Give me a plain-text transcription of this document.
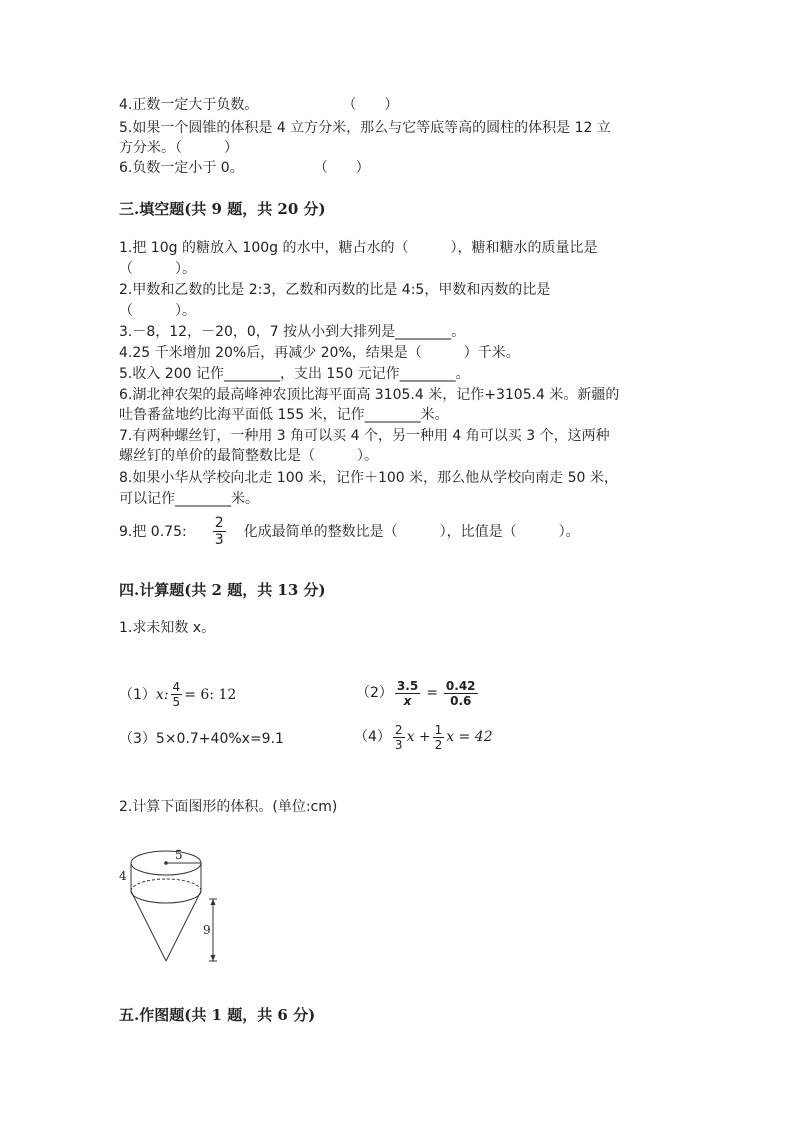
4.正数一定大于负数。　　　　　　　（　　）
5.如果一个圆锥的体积是 4 立方分米，那么与它等底等高的圆柱的体积是 12 立
方分米。（　　　）
6.负数一定小于 0。　　　　　　（　　）
三.填空题(共 9 题，共 20 分)
1.把 10g 的糖放入 100g 的水中，糖占水的（　　　），糖和糖水的质量比是
（　　　）。
2.甲数和乙数的比是 2:3，乙数和丙数的比是 4:5，甲数和丙数的比是
（　　　）。
3.－8，12，－20，0，7 按从小到大排列是________。
4.25 千米增加 20%后，再减少 20%，结果是（　　　）千米。
5.收入 200 记作________，支出 150 元记作________。
6.湖北神农架的最高峰神农顶比海平面高 3105.4 米，记作+3105.4 米。新疆的
吐鲁番盆地约比海平面低 155 米，记作________米。
7.有两种螺丝钉，一种用 3 角可以买 4 个，另一种用 4 角可以买 3 个，这两种
螺丝钉的单价的最简整数比是（　　　）。
8.如果小华从学校向北走 100 米，记作＋100 米，那么他从学校向南走 50 米，
可以记作________米。
9.把 0.75: $\frac{2}{3}$ 化成最简单的整数比是（　　　），比值是（　　　）。
四.计算题(共 2 题，共 13 分)
1.求未知数 x。
（1） x: $\frac{4}{5} = 6$: 12	$(2) \frac{3.5}{x} = \frac{0.42}{0.6}$
（3）5×0.7+40%x=9.1	$(4) \frac{2}{3}$ $x + \frac{1}{2}$ x = 42
2.计算下面图形的体积。(单位:cm)
5
4
9
五.作图题(共 1 题，共 6 分)
